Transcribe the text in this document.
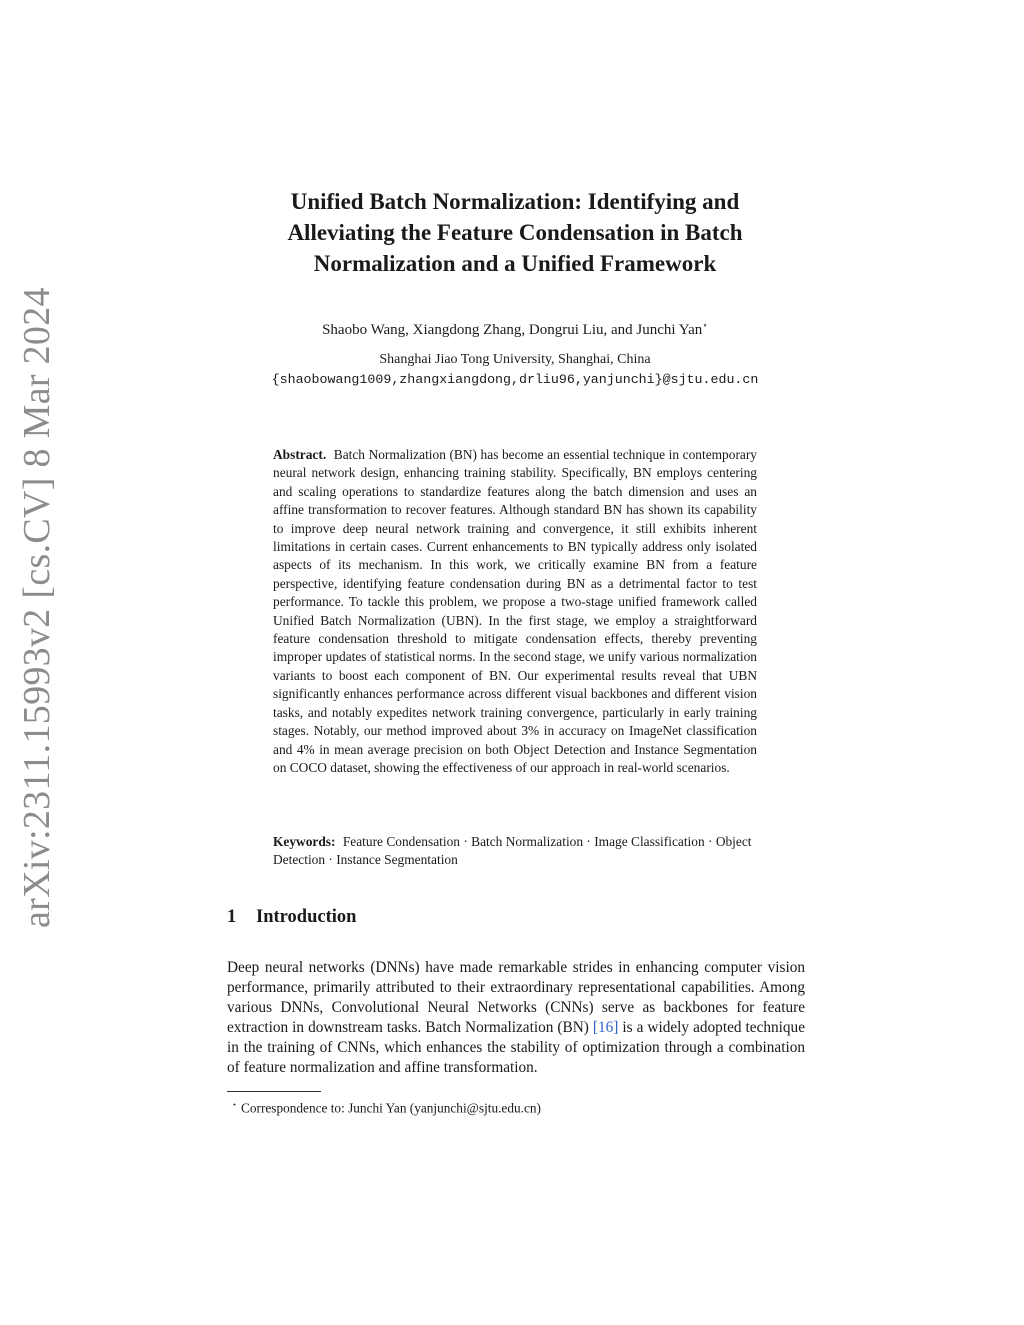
arXiv:2311.15993v2 [cs.CV] 8 Mar 2024
Unified Batch Normalization: Identifying and
Alleviating the Feature Condensation in Batch
Normalization and a Unified Framework
Shaobo Wang, Xiangdong Zhang, Dongrui Liu, and Junchi Yan⋆
Shanghai Jiao Tong University, Shanghai, China
{shaobowang1009,zhangxiangdong,drliu96,yanjunchi}@sjtu.edu.cn

Abstract. Batch Normalization (BN) has become an essential technique in contemporary neural network design, enhancing training stability. Specifically, BN employs centering and scaling operations to standardize features along the batch dimension and uses an affine transformation to recover features. Although standard BN has shown its capability to improve deep neural network training and convergence, it still exhibits inherent limitations in certain cases. Current enhancements to BN typically address only isolated aspects of its mechanism. In this work, we critically examine BN from a feature perspective, identifying feature condensation during BN as a detrimental factor to test performance. To tackle this problem, we propose a two-stage unified framework called Unified Batch Normalization (UBN). In the first stage, we employ a straightforward feature condensation threshold to mitigate condensation effects, thereby preventing improper updates of statistical norms. In the second stage, we unify various normalization variants to boost each component of BN. Our experimental results reveal that UBN significantly enhances performance across different visual backbones and different vision tasks, and notably expedites network training convergence, particularly in early training stages. Notably, our method improved about 3% in accuracy on ImageNet classification and 4% in mean average precision on both Object Detection and Instance Segmentation on COCO dataset, showing the effectiveness of our approach in real-world scenarios.

Keywords: Feature Condensation · Batch Normalization · Image Classification · Object Detection · Instance Segmentation

1 Introduction

Deep neural networks (DNNs) have made remarkable strides in enhancing computer vision performance, primarily attributed to their extraordinary representational capabilities. Among various DNNs, Convolutional Neural Networks (CNNs) serve as backbones for feature extraction in downstream tasks. Batch Normalization (BN) [16] is a widely adopted technique in the training of CNNs, which enhances the stability of optimization through a combination of feature normalization and affine transformation.

⋆ Correspondence to: Junchi Yan (yanjunchi@sjtu.edu.cn)
